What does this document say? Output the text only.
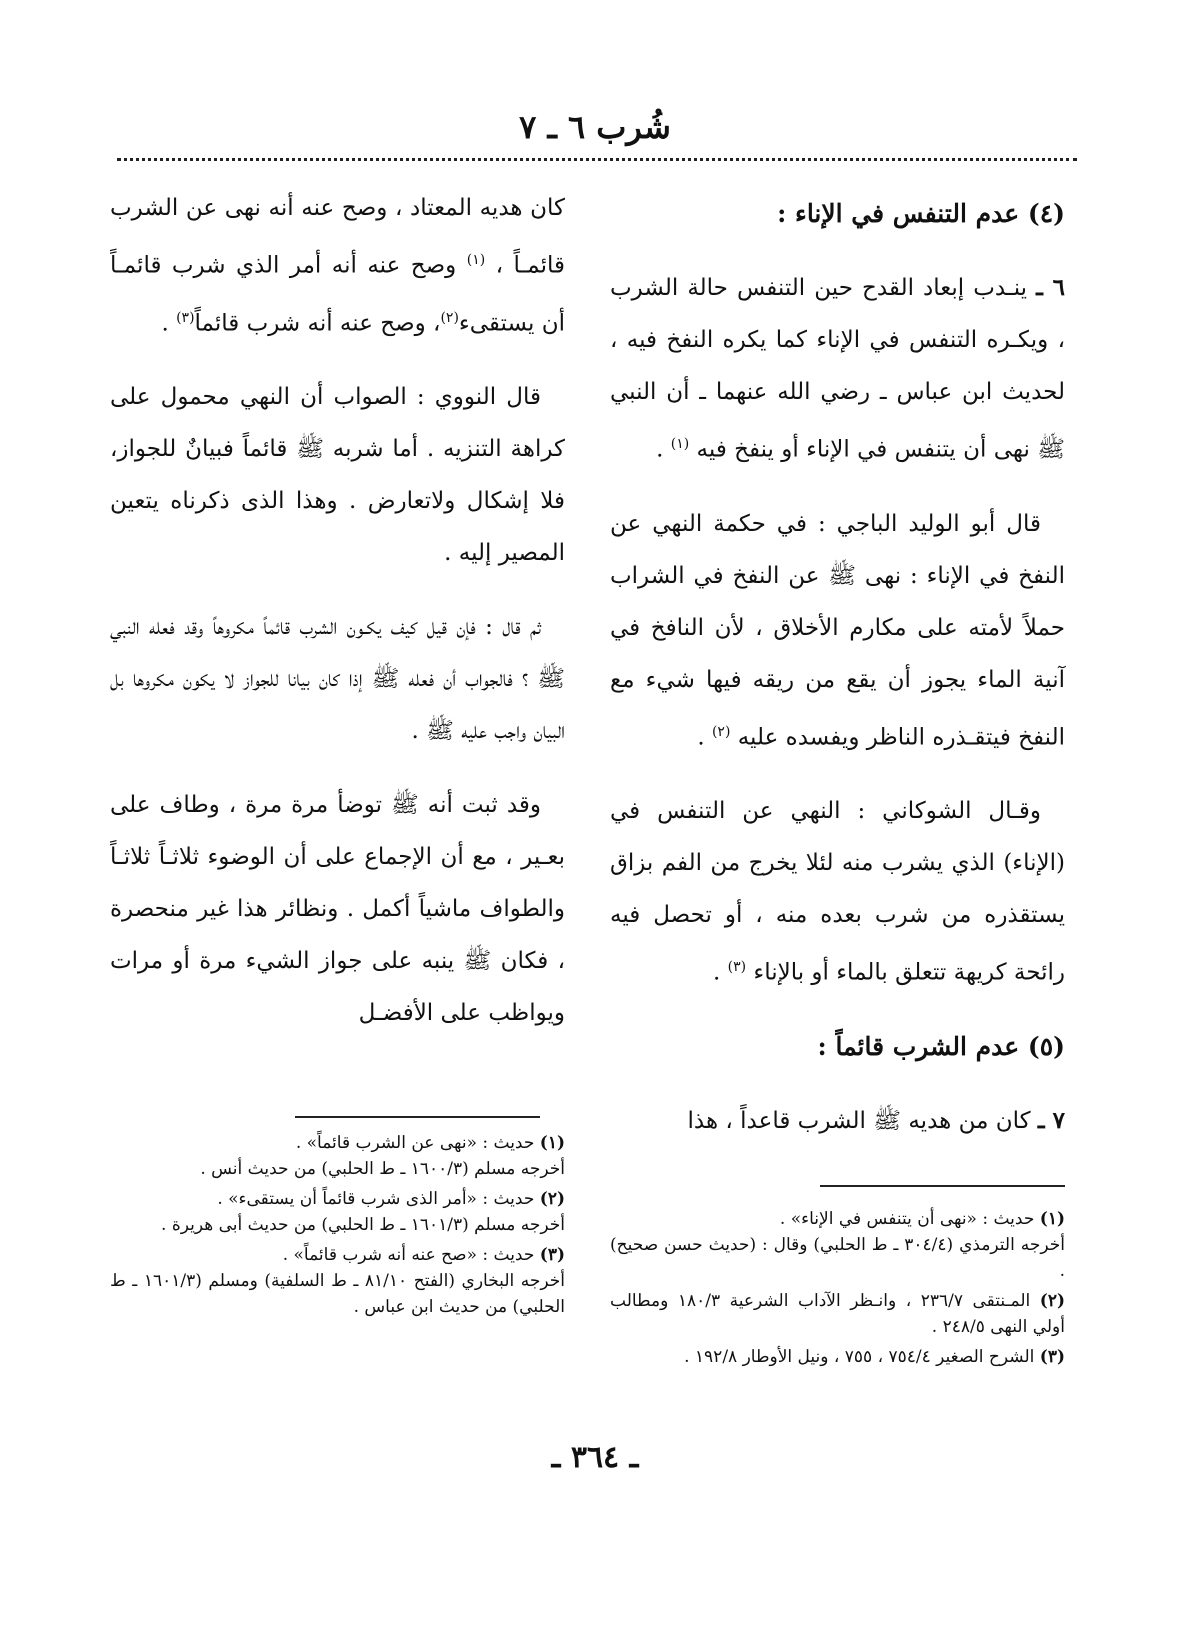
شُرب ٦ ـ ٧
(٤) عدم التنفس في الإناء :

٦ ـ ينـدب إبعاد القدح حين التنفس حالة الشرب ، ويكـره التنفس في الإناء كما يكره النفخ فيه ، لحديث ابن عباس ـ رضي الله عنهما ـ أن النبي ﷺ نهى أن يتنفس في الإناء أو ينفخ فيه $^{(١)}$ .

قال أبو الوليد الباجي : في حكمة النهي عن النفخ في الإناء : نهى ﷺ عن النفخ في الشراب حملاً لأمته على مكارم الأخلاق ، لأن النافخ في آنية الماء يجوز أن يقع من ريقه فيها شيء مع النفخ فيتقـذره الناظر ويفسده عليه $^{(٢)}$ .

وقـال الشوكاني : النهي عن التنفس في (الإناء) الذي يشرب منه لئلا يخرج من الفم بزاق يستقذره من شرب بعده منه ، أو تحصل فيه رائحة كريهة تتعلق بالماء أو بالإناء $^{(٣)}$ .

(٥) عدم الشرب قائماً :

٧ ـ كان من هديه ﷺ الشرب قاعداً ، هذا

كان هديه المعتاد ، وصح عنه أنه نهى عن الشرب قائمـاً ، $^{(١)}$ وصح عنه أنه أمر الذي شرب قائمـاً أن يستقىء$^{(٢)}$، وصح عنه أنه شرب قائماً$^{(٣)}$ .

قال النووي : الصواب أن النهي محمول على كراهة التنزيه . أما شربه ﷺ قائماً فبيانٌ للجواز، فلا إشكال ولاتعارض . وهذا الذى ذكرناه يتعين المصير إليه .

ثم قال : فإن قيل كيف يكـون الشرب قائماً مكروهاً وقد فعله النبي ﷺ ؟ فالجواب أن فعله ﷺ إذا كان بيانا للجواز لا يكون مكروها بل البيان واجب عليه ﷺ .

وقد ثبت أنه ﷺ توضأ مرة مرة ، وطاف على بعـير ، مع أن الإجماع على أن الوضوء ثلاثـاً ثلاثـاً والطواف ماشياً أكمل . ونظائر هذا غير منحصرة ، فكان ﷺ ينبه على جواز الشيء مرة أو مرات ويواظب على الأفضـل

(١) حديث : «نهى عن الشرب قائماً» .
أخرجه مسلم (١٦٠٠/٣ ـ ط الحلبي) من حديث أنس .
(٢) حديث : «أمر الذى شرب قائماً أن يستقىء» .
أخرجه مسلم (١٦٠١/٣ ـ ط الحلبي) من حديث أبى هريرة .
(٣) حديث : «صح عنه أنه شرب قائماً» .
أخرجه البخاري (الفتح ٨١/١٠ ـ ط السلفية) ومسلم (١٦٠١/٣ ـ ط الحلبي) من حديث ابن عباس .
(١) حديث : «نهى أن يتنفس في الإناء» .
أخرجه الترمذي (٣٠٤/٤ ـ ط الحلبي) وقال : (حديث حسن صحيح) .
(٢) المـنتقى ٢٣٦/٧ ، وانـظر الآداب الشرعية ١٨٠/٣ ومطالب أولي النهى ٢٤٨/٥ .
(٣) الشرح الصغير ٧٥٤/٤ ، ٧٥٥ ، ونيل الأوطار ١٩٢/٨ .
ـ ٣٦٤ ـ
